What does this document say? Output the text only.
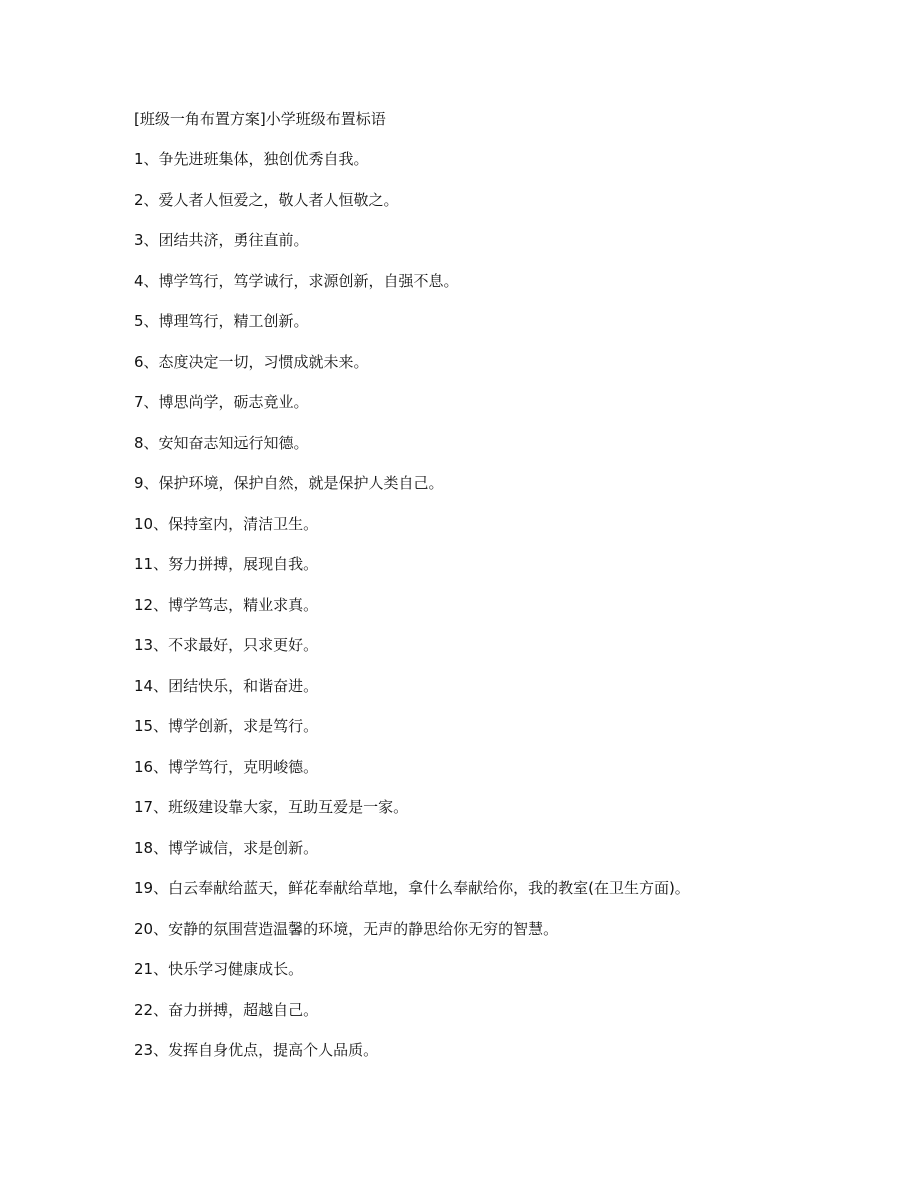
[班级一角布置方案]小学班级布置标语
1、争先进班集体，独创优秀自我。
2、爱人者人恒爱之，敬人者人恒敬之。
3、团结共济，勇往直前。
4、博学笃行，笃学诚行，求源创新，自强不息。
5、博理笃行，精工创新。
6、态度决定一切，习惯成就未来。
7、博思尚学，砺志竟业。
8、安知奋志知远行知德。
9、保护环境，保护自然，就是保护人类自己。
10、保持室内，清洁卫生。
11、努力拼搏，展现自我。
12、博学笃志，精业求真。
13、不求最好，只求更好。
14、团结快乐，和谐奋进。
15、博学创新，求是笃行。
16、博学笃行，克明峻德。
17、班级建设靠大家，互助互爱是一家。
18、博学诚信，求是创新。
19、白云奉献给蓝天，鲜花奉献给草地，拿什么奉献给你，我的教室(在卫生方面)。
20、安静的氛围营造温馨的环境，无声的静思给你无穷的智慧。
21、快乐学习健康成长。
22、奋力拼搏，超越自己。
23、发挥自身优点，提高个人品质。
